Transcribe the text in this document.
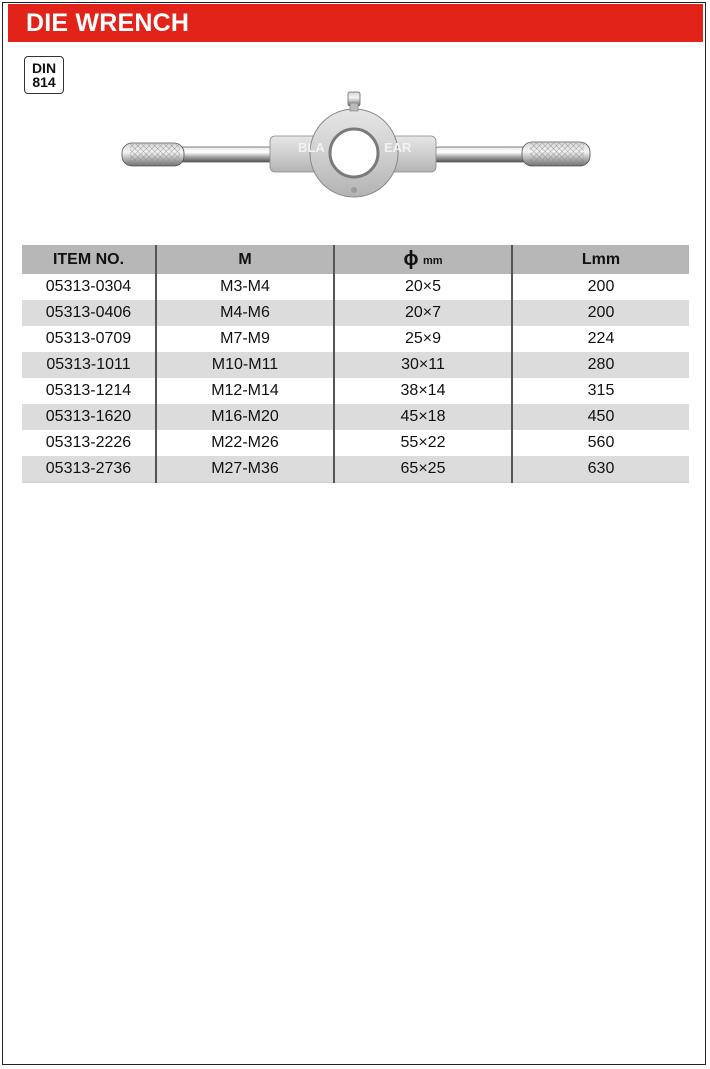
DIE WRENCH
DIN
814
BLA	EAR
ITEM NO.	M	ϕ mm	Lmm
05313-0304	M3-M4	20×5	200
05313-0406	M4-M6	20×7	200
05313-0709	M7-M9	25×9	224
05313-1011	M10-M11	30×11	280
05313-1214	M12-M14	38×14	315
05313-1620	M16-M20	45×18	450
05313-2226	M22-M26	55×22	560
05313-2736	M27-M36	65×25	630
